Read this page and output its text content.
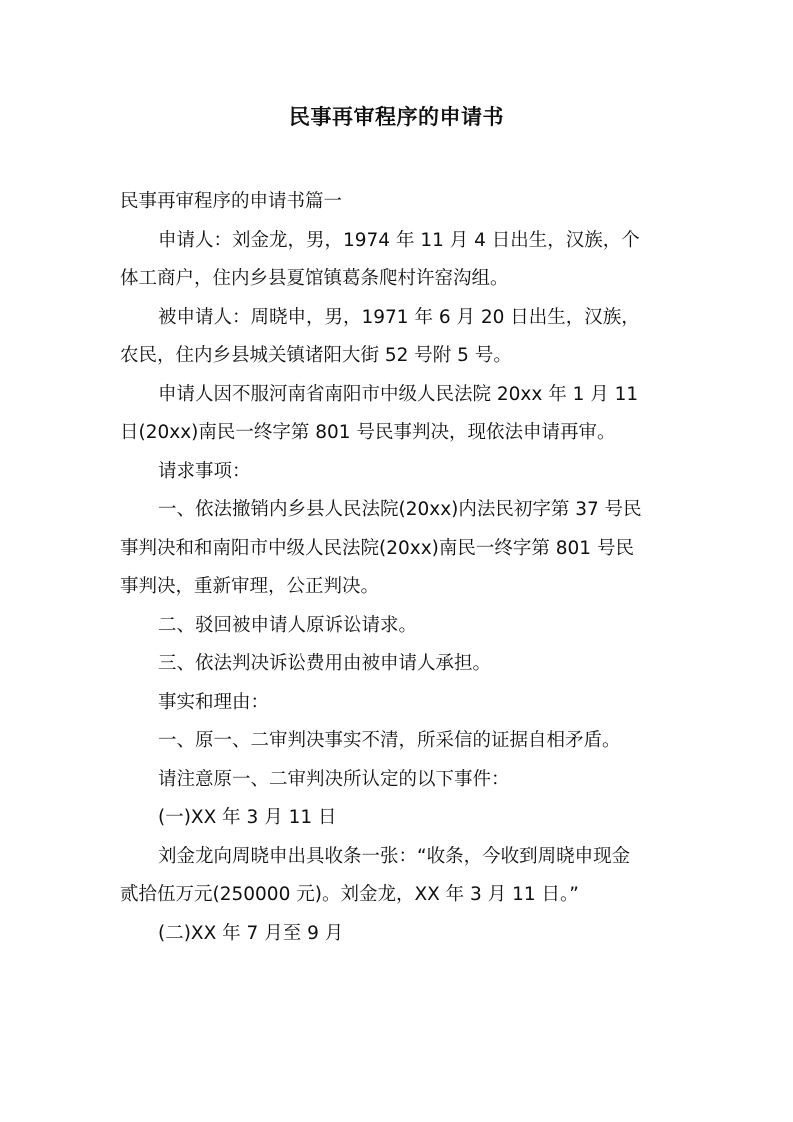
民事再审程序的申请书
民事再审程序的申请书篇一
申请人：刘金龙，男，1974 年 11 月 4 日出生，汉族，个
体工商户，住内乡县夏馆镇葛条爬村许窑沟组。
被申请人：周晓申，男，1971 年 6 月 20 日出生，汉族，
农民，住内乡县城关镇诸阳大街 52 号附 5 号。
申请人因不服河南省南阳市中级人民法院 20xx 年 1 月 11
日(20xx)南民一终字第 801 号民事判决，现依法申请再审。
请求事项：
一、依法撤销内乡县人民法院(20xx)内法民初字第 37 号民
事判决和和南阳市中级人民法院(20xx)南民一终字第 801 号民
事判决，重新审理，公正判决。
二、驳回被申请人原诉讼请求。
三、依法判决诉讼费用由被申请人承担。
事实和理由：
一、原一、二审判决事实不清，所采信的证据自相矛盾。
请注意原一、二审判决所认定的以下事件：
(一)XX 年 3 月 11 日
刘金龙向周晓申出具收条一张：“收条，今收到周晓申现金
贰拾伍万元(250000 元)。刘金龙，XX 年 3 月 11 日。”
(二)XX 年 7 月至 9 月
